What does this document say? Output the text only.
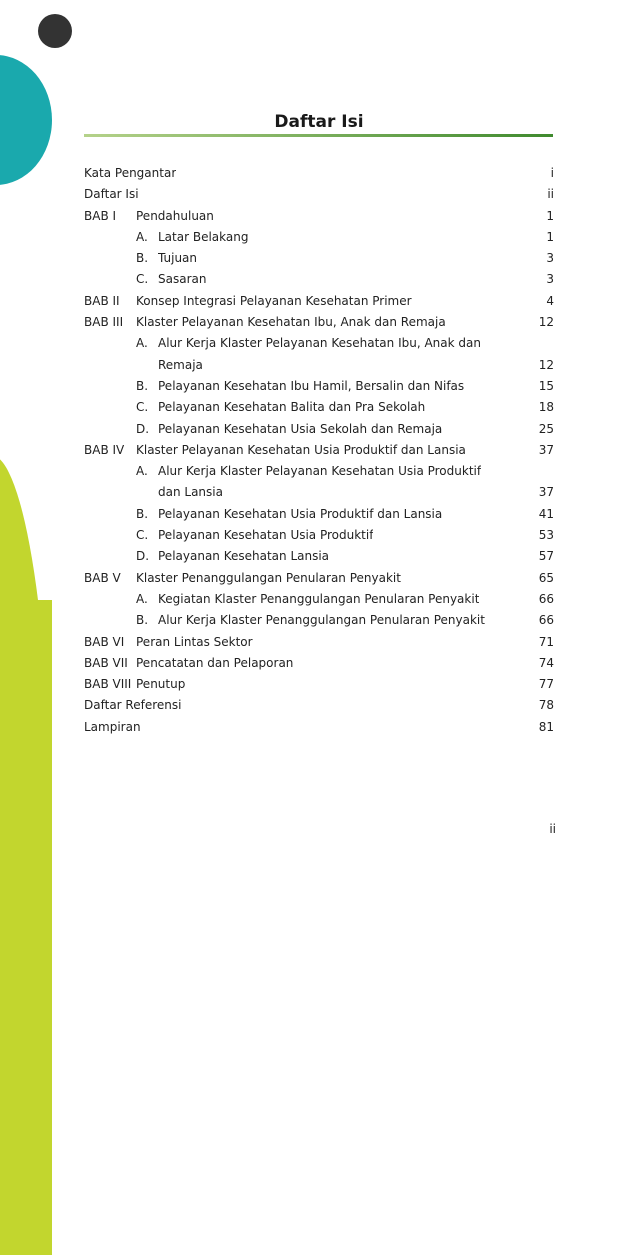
Daftar Isi
Kata Pengantar	i
Daftar Isi	ii
BAB I	Pendahuluan	1
A. Latar Belakang	1
B. Tujuan	3
C. Sasaran	3
BAB II	Konsep Integrasi Pelayanan Kesehatan Primer	4
BAB III	Klaster Pelayanan Kesehatan Ibu, Anak dan Remaja	12
A. Alur Kerja Klaster Pelayanan Kesehatan Ibu, Anak dan
Remaja	12
B. Pelayanan Kesehatan Ibu Hamil, Bersalin dan Nifas	15
C. Pelayanan Kesehatan Balita dan Pra Sekolah	18
D. Pelayanan Kesehatan Usia Sekolah dan Remaja	25
BAB IV Klaster Pelayanan Kesehatan Usia Produktif dan Lansia	37
A. Alur Kerja Klaster Pelayanan Kesehatan Usia Produktif
dan Lansia	37
B. Pelayanan Kesehatan Usia Produktif dan Lansia	41
C. Pelayanan Kesehatan Usia Produktif	53
D. Pelayanan Kesehatan Lansia	57
BAB V	Klaster Penanggulangan Penularan Penyakit	65
A. Kegiatan Klaster Penanggulangan Penularan Penyakit	66
B. Alur Kerja Klaster Penanggulangan Penularan Penyakit	66
BAB VI Peran Lintas Sektor	71
BAB VII Pencatatan dan Pelaporan	74
BAB VIII Penutup	77
Daftar Referensi	78
Lampiran	81
ii
